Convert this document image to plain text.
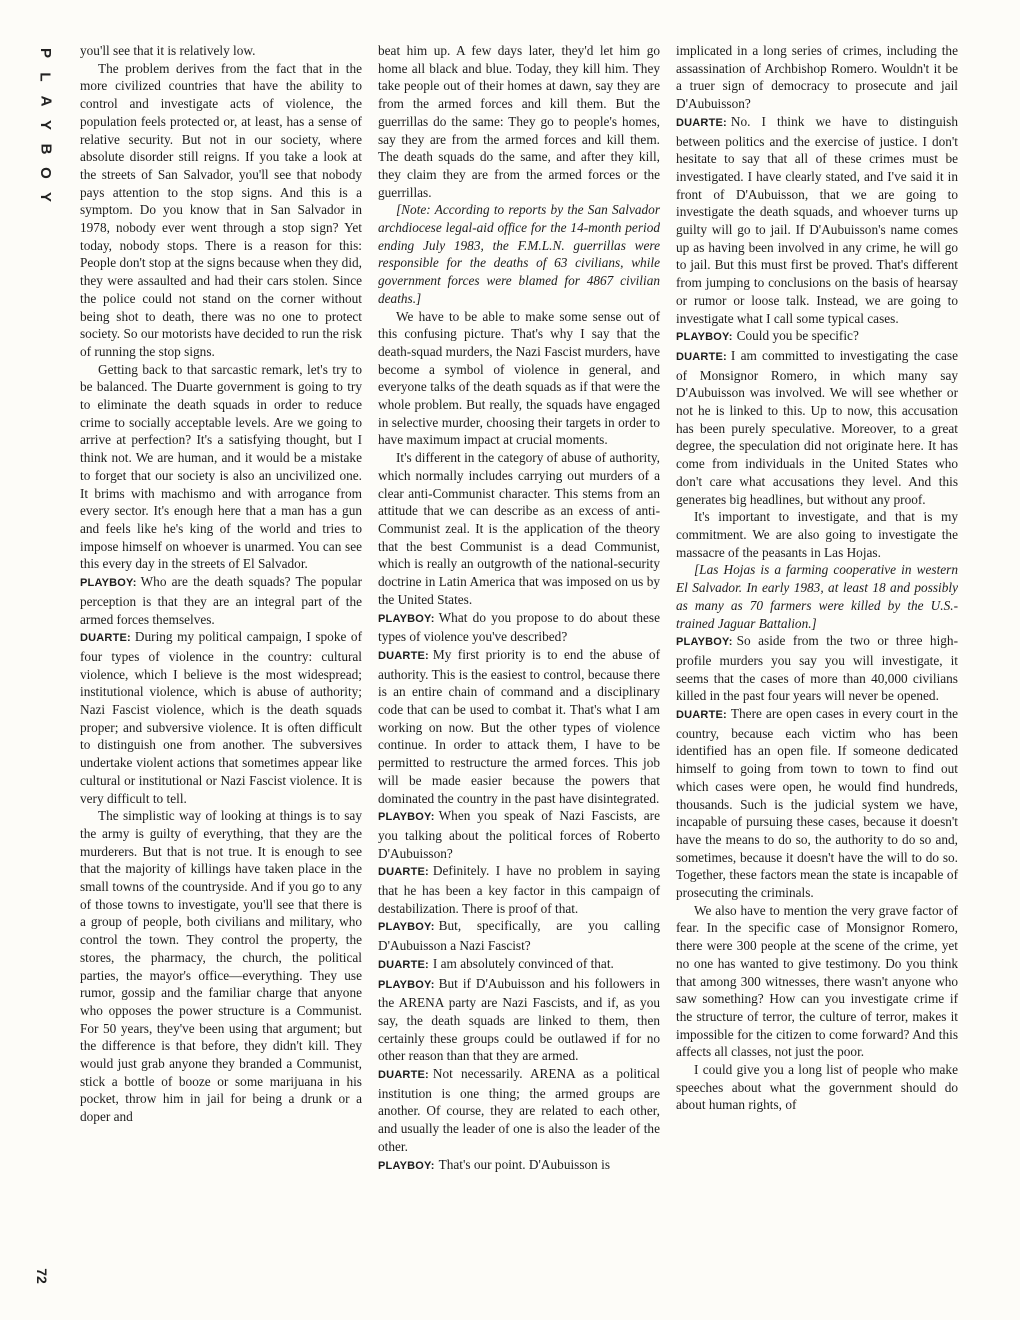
P
L
A
Y
B
O
Y
72

you'll see that it is relatively low.

The problem derives from the fact that in the more civilized countries that have the ability to control and investigate acts of violence, the population feels protected or, at least, has a sense of relative security. But not in our society, where absolute disorder still reigns. If you take a look at the streets of San Salvador, you'll see that nobody pays attention to the stop signs. And this is a symptom. Do you know that in San Salvador in 1978, nobody ever went through a stop sign? Yet today, nobody stops. There is a reason for this: People don't stop at the signs because when they did, they were assaulted and had their cars stolen. Since the police could not stand on the corner without being shot to death, there was no one to protect society. So our motorists have decided to run the risk of running the stop signs.

Getting back to that sarcastic remark, let's try to be balanced. The Duarte government is going to try to eliminate the death squads in order to reduce crime to socially acceptable levels. Are we going to arrive at perfection? It's a satisfying thought, but I think not. We are human, and it would be a mistake to forget that our society is also an uncivilized one. It brims with machismo and with arrogance from every sector. It's enough here that a man has a gun and feels like he's king of the world and tries to impose himself on whoever is unarmed. You can see this every day in the streets of El Salvador.

PLAYBOY: Who are the death squads? The popular perception is that they are an integral part of the armed forces themselves.

DUARTE: During my political campaign, I spoke of four types of violence in the country: cultural violence, which I believe is the most widespread; institutional violence, which is abuse of authority; Nazi Fascist violence, which is the death squads proper; and subversive violence. It is often difficult to distinguish one from another. The subversives undertake violent actions that sometimes appear like cultural or institutional or Nazi Fascist violence. It is very difficult to tell.

The simplistic way of looking at things is to say the army is guilty of everything, that they are the murderers. But that is not true. It is enough to see that the majority of killings have taken place in the small towns of the countryside. And if you go to any of those towns to investigate, you'll see that there is a group of people, both civilians and military, who control the town. They control the property, the stores, the pharmacy, the church, the political parties, the mayor's office—everything. They use rumor, gossip and the familiar charge that anyone who opposes the power structure is a Communist. For 50 years, they've been using that argument; but the difference is that before, they didn't kill. They would just grab anyone they branded a Communist, stick a bottle of booze or some marijuana in his pocket, throw him in jail for being a drunk or a doper and

beat him up. A few days later, they'd let him go home all black and blue. Today, they kill him. They take people out of their homes at dawn, say they are from the armed forces and kill them. But the guerrillas do the same: They go to people's homes, say they are from the armed forces and kill them. The death squads do the same, and after they kill, they claim they are from the armed forces or the guerrillas.

[Note: According to reports by the San Salvador archdiocese legal-aid office for the 14-month period ending July 1983, the F.M.L.N. guerrillas were responsible for the deaths of 63 civilians, while government forces were blamed for 4867 civilian deaths.]

We have to be able to make some sense out of this confusing picture. That's why I say that the death-squad murders, the Nazi Fascist murders, have become a symbol of violence in general, and everyone talks of the death squads as if that were the whole problem. But really, the squads have engaged in selective murder, choosing their targets in order to have maximum impact at crucial moments.

It's different in the category of abuse of authority, which normally includes carrying out murders of a clear anti-Communist character. This stems from an attitude that we can describe as an excess of anti-Communist zeal. It is the application of the theory that the best Communist is a dead Communist, which is really an outgrowth of the national-security doctrine in Latin America that was imposed on us by the United States.

PLAYBOY: What do you propose to do about these types of violence you've described?

DUARTE: My first priority is to end the abuse of authority. This is the easiest to control, because there is an entire chain of command and a disciplinary code that can be used to combat it. That's what I am working on now. But the other types of violence continue. In order to attack them, I have to be permitted to restructure the armed forces. This job will be made easier because the powers that dominated the country in the past have disintegrated.

PLAYBOY: When you speak of Nazi Fascists, are you talking about the political forces of Roberto D'Aubuisson?

DUARTE: Definitely. I have no problem in saying that he has been a key factor in this campaign of destabilization. There is proof of that.

PLAYBOY: But, specifically, are you calling D'Aubuisson a Nazi Fascist?

DUARTE: I am absolutely convinced of that.

PLAYBOY: But if D'Aubuisson and his followers in the ARENA party are Nazi Fascists, and if, as you say, the death squads are linked to them, then certainly these groups could be outlawed if for no other reason than that they are armed.

DUARTE: Not necessarily. ARENA as a political institution is one thing; the armed groups are another. Of course, they are related to each other, and usually the leader of one is also the leader of the other.

PLAYBOY: That's our point. D'Aubuisson is

implicated in a long series of crimes, including the assassination of Archbishop Romero. Wouldn't it be a truer sign of democracy to prosecute and jail D'Aubuisson?

DUARTE: No. I think we have to distinguish between politics and the exercise of justice. I don't hesitate to say that all of these crimes must be investigated. I have clearly stated, and I've said it in front of D'Aubuisson, that we are going to investigate the death squads, and whoever turns up guilty will go to jail. If D'Aubuisson's name comes up as having been involved in any crime, he will go to jail. But this must first be proved. That's different from jumping to conclusions on the basis of hearsay or rumor or loose talk. Instead, we are going to investigate what I call some typical cases.

PLAYBOY: Could you be specific?

DUARTE: I am committed to investigating the case of Monsignor Romero, in which many say D'Aubuisson was involved. We will see whether or not he is linked to this. Up to now, this accusation has been purely speculative. Moreover, to a great degree, the speculation did not originate here. It has come from individuals in the United States who don't care what accusations they level. And this generates big headlines, but without any proof.

It's important to investigate, and that is my commitment. We are also going to investigate the massacre of the peasants in Las Hojas.

[Las Hojas is a farming cooperative in western El Salvador. In early 1983, at least 18 and possibly as many as 70 farmers were killed by the U.S.-trained Jaguar Battalion.]

PLAYBOY: So aside from the two or three high-profile murders you say you will investigate, it seems that the cases of more than 40,000 civilians killed in the past four years will never be opened.

DUARTE: There are open cases in every court in the country, because each victim who has been identified has an open file. If someone dedicated himself to going from town to town to find out which cases were open, he would find hundreds, thousands. Such is the judicial system we have, incapable of pursuing these cases, because it doesn't have the means to do so, the authority to do so and, sometimes, because it doesn't have the will to do so. Together, these factors mean the state is incapable of prosecuting the criminals.

We also have to mention the very grave factor of fear. In the specific case of Monsignor Romero, there were 300 people at the scene of the crime, yet no one has wanted to give testimony. Do you think that among 300 witnesses, there wasn't anyone who saw something? How can you investigate crime if the structure of terror, the culture of terror, makes it impossible for the citizen to come forward? And this affects all classes, not just the poor.

I could give you a long list of people who make speeches about what the government should do about human rights, of
